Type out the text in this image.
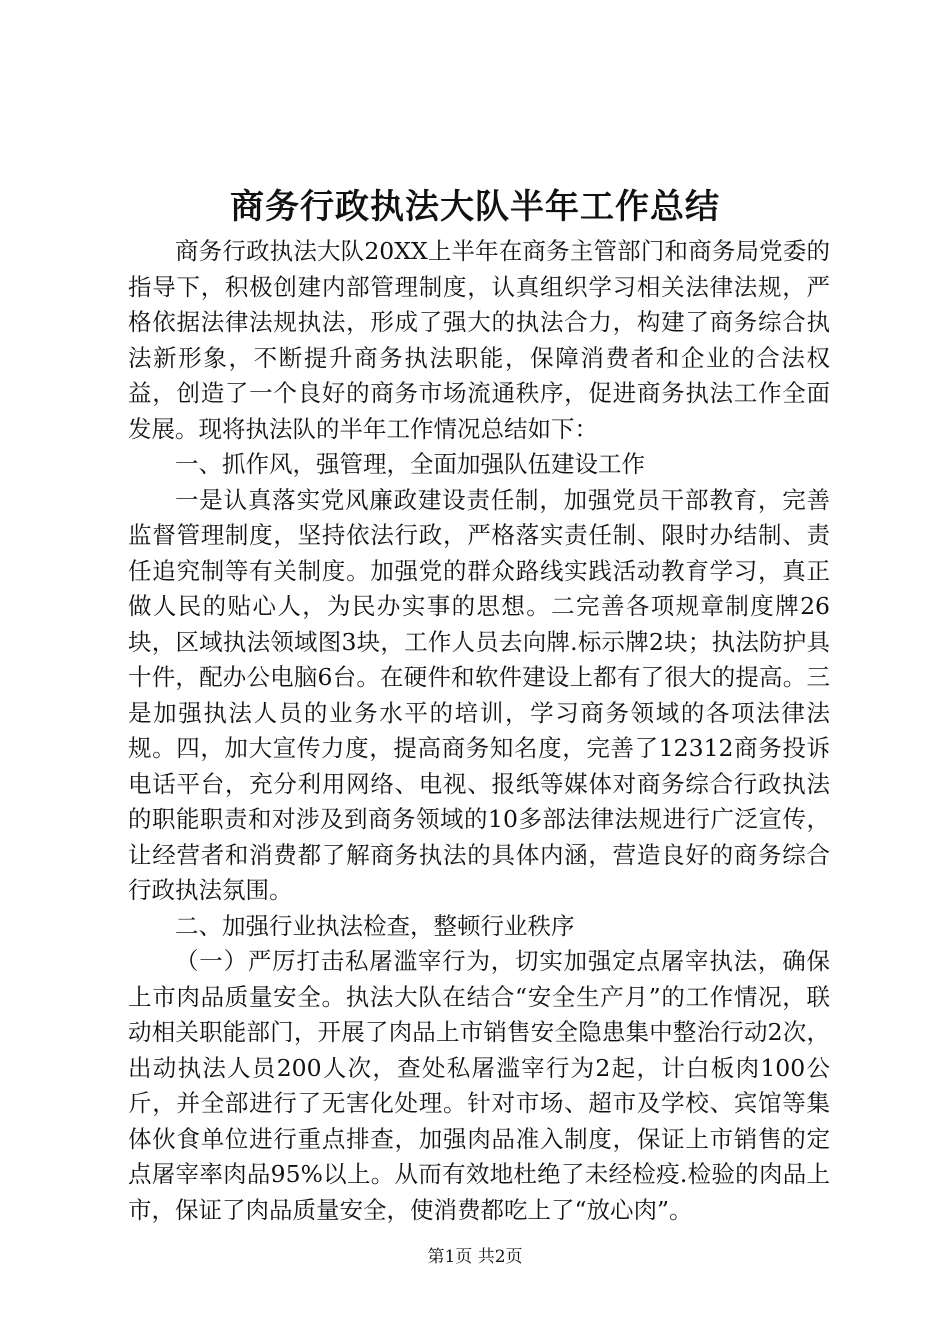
商务行政执法大队半年工作总结

商务行政执法大队20XX上半年在商务主管部门和商务局党委的指导下，积极创建内部管理制度，认真组织学习相关法律法规，严格依据法律法规执法，形成了强大的执法合力，构建了商务综合执法新形象，不断提升商务执法职能，保障消费者和企业的合法权益，创造了一个良好的商务市场流通秩序，促进商务执法工作全面发展。现将执法队的半年工作情况总结如下：

一、抓作风，强管理，全面加强队伍建设工作

一是认真落实党风廉政建设责任制，加强党员干部教育，完善监督管理制度，坚持依法行政，严格落实责任制、限时办结制、责任追究制等有关制度。加强党的群众路线实践活动教育学习，真正做人民的贴心人，为民办实事的思想。二完善各项规章制度牌26块，区域执法领域图3块，工作人员去向牌.标示牌2块；执法防护具十件，配办公电脑6台。在硬件和软件建设上都有了很大的提高。三是加强执法人员的业务水平的培训，学习商务领域的各项法律法规。四，加大宣传力度，提高商务知名度，完善了12312商务投诉电话平台，充分利用网络、电视、报纸等媒体对商务综合行政执法的职能职责和对涉及到商务领域的10多部法律法规进行广泛宣传，让经营者和消费都了解商务执法的具体内涵，营造良好的商务综合行政执法氛围。

二、加强行业执法检查，整顿行业秩序

（一）严厉打击私屠滥宰行为，切实加强定点屠宰执法，确保上市肉品质量安全。执法大队在结合“安全生产月”的工作情况，联动相关职能部门，开展了肉品上市销售安全隐患集中整治行动2次，出动执法人员200人次，查处私屠滥宰行为2起，计白板肉100公斤，并全部进行了无害化处理。针对市场、超市及学校、宾馆等集体伙食单位进行重点排查，加强肉品准入制度，保证上市销售的定点屠宰率肉品95%以上。从而有效地杜绝了未经检疫.检验的肉品上市，保证了肉品质量安全，使消费都吃上了“放心肉”。

第1页 共2页
